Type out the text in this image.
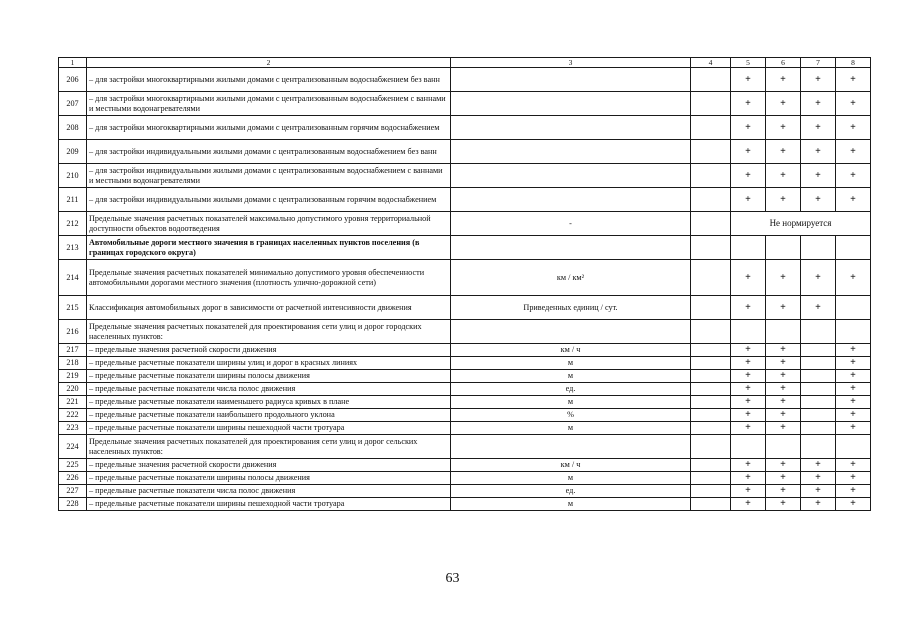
1	2	3	4	5	6	7	8
206	– для застройки многоквартирными жилыми домами с централизованным водоснабжением без ванн			+	+	+	+
207	– для застройки многоквартирными жилыми домами с централизованным водоснабжением с ваннами и местными водонагревателями			+	+	+	+
208	– для застройки многоквартирными жилыми домами с централизованным горячим водоснабжением			+	+	+	+
209	– для застройки индивидуальными жилыми домами с централизованным водоснабжением без ванн			+	+	+	+
210	– для застройки индивидуальными жилыми домами с централизованным водоснабжением с ваннами и местными водонагревателями			+	+	+	+
211	– для застройки индивидуальными жилыми домами с централизованным горячим водоснабжением			+	+	+	+
212	Предельные значения расчетных показателей максимально допустимого уровня территориальной доступности объектов водоотведения	-		Не нормируется			
213	Автомобильные дороги местного значения в границах населенных пунктов поселения (в границах городского округа)						
214	Предельные значения расчетных показателей минимально допустимого уровня обеспеченности автомобильными дорогами местного значения (плотность улично-дорожной сети)	км / км²		+	+	+	+
215	Классификация автомобильных дорог в зависимости от расчетной интенсивности движения	Приведенных единиц / сут.		+	+	+	
216	Предельные значения расчетных показателей для проектирования сети улиц и дорог городских населенных пунктов:						
217	– предельные значения расчетной скорости движения	км / ч		+	+		+
218	– предельные расчетные показатели ширины улиц и дорог в красных линиях	м		+	+		+
219	– предельные расчетные показатели ширины полосы движения	м		+	+		+
220	– предельные расчетные показатели числа полос движения	ед.		+	+		+
221	– предельные расчетные показатели наименьшего радиуса кривых в плане	м		+	+		+
222	– предельные расчетные показатели наибольшего продольного уклона	%		+	+		+
223	– предельные расчетные показатели ширины пешеходной части тротуара	м		+	+		+
224	Предельные значения расчетных показателей для проектирования сети улиц и дорог сельских населенных пунктов:						
225	– предельные значения расчетной скорости движения	км / ч		+	+	+	+
226	– предельные расчетные показатели ширины полосы движения	м		+	+	+	+
227	– предельные расчетные показатели числа полос движения	ед.		+	+	+	+
228	– предельные расчетные показатели ширины пешеходной части тротуара	м		+	+	+	+
63
